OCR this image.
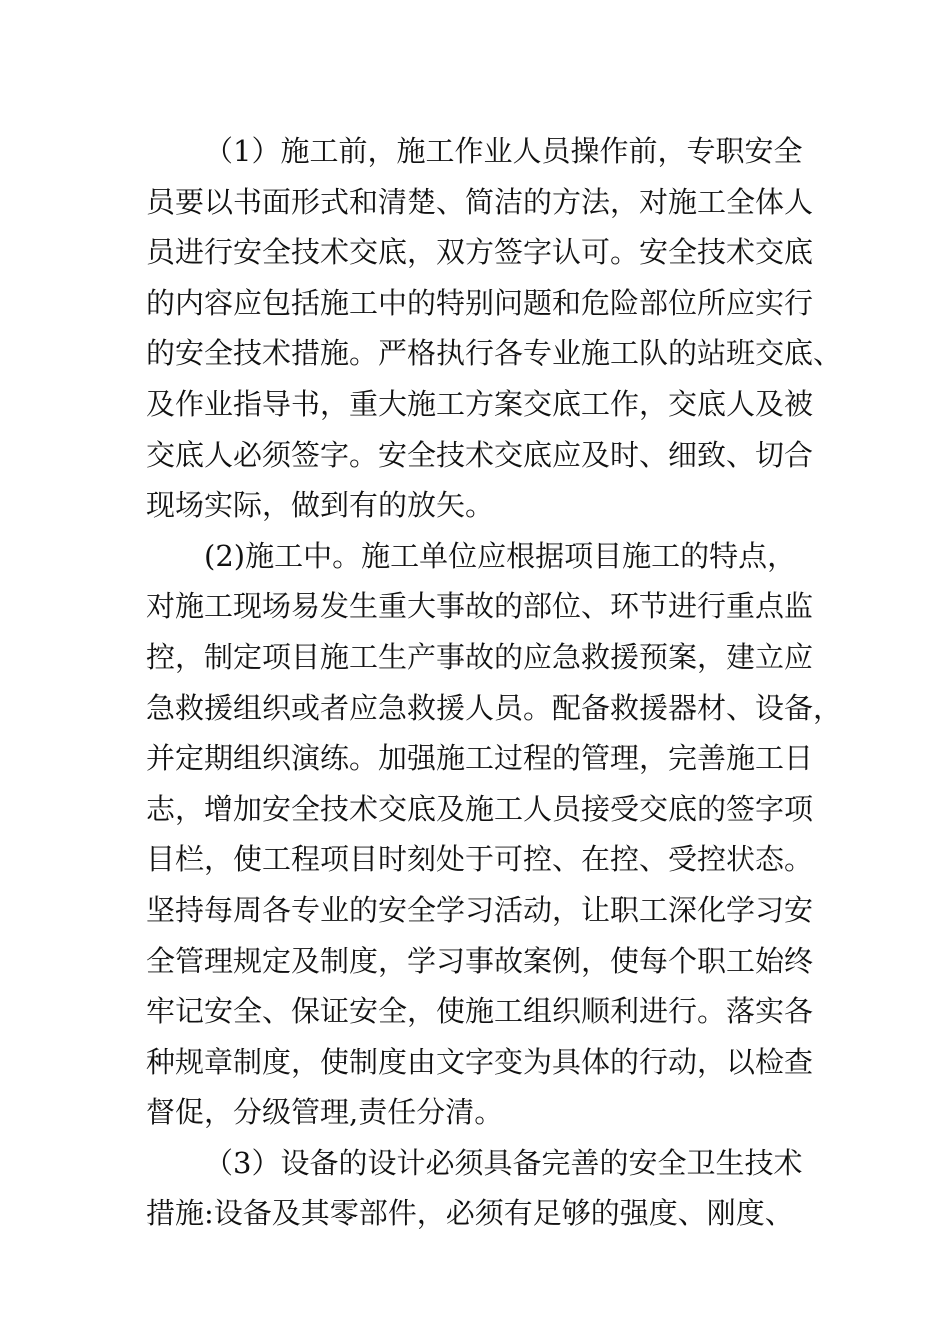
（1）施工前，施工作业人员操作前，专职安全
员要以书面形式和清楚、简洁的方法，对施工全体人
员进行安全技术交底，双方签字认可。安全技术交底
的内容应包括施工中的特别问题和危险部位所应实行
的安全技术措施。严格执行各专业施工队的站班交底、
及作业指导书，重大施工方案交底工作，交底人及被
交底人必须签字。安全技术交底应及时、细致、切合
现场实际，做到有的放矢。
(2)施工中。施工单位应根据项目施工的特点，
对施工现场易发生重大事故的部位、环节进行重点监
控，制定项目施工生产事故的应急救援预案，建立应
急救援组织或者应急救援人员。配备救援器材、设备，
并定期组织演练。加强施工过程的管理，完善施工日
志，增加安全技术交底及施工人员接受交底的签字项
目栏，使工程项目时刻处于可控、在控、受控状态。
坚持每周各专业的安全学习活动，让职工深化学习安
全管理规定及制度，学习事故案例，使每个职工始终
牢记安全、保证安全，使施工组织顺利进行。落实各
种规章制度，使制度由文字变为具体的行动，以检查
督促，分级管理,责任分清。
（3）设备的设计必须具备完善的安全卫生技术
措施:设备及其零部件，必须有足够的强度、刚度、
